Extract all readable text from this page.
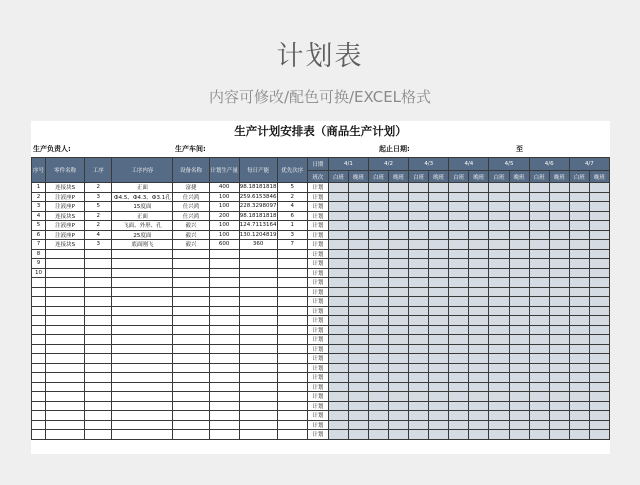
计划表
内容可修改/配色可换/EXCEL格式
生产计划安排表（商品生产计划）
生产负责人:	生产车间:	起止日期:	至
序号	零件名称	工序	工序内容	设备名称	计划生产量	每日产能	优先次序	日期	4/1		4/2		4/3		4/4		4/5		4/6		4/7	
								班次	白班	晚班	白班	晚班	白班	晚班	白班	晚班	白班	晚班	白班	晚班	白班	晚班
1	连接块S	2	正面	富捷	400	98.18181818	5	计划														
2	注液座P	3	Ф4.5、Ф4.3、Ф3.1孔	仕兴鸿	100	259.6153846	2	计划														
3	注液座P	5	15度面	仕兴鸿	100	228.3298097	4	计划														
4	连接块S	2	正面	仕兴鸿	200	98.18181818	6	计划														
5	注液座P	2	飞面、外形、孔	毅兴	100	124.7113164	1	计划														
6	注液座P	4	25度面	毅兴	100	130.1204819	3	计划														
7	连接块S	3	底面刚飞	毅兴	600	360	7	计划														
8								计划														
9								计划														
10								计划														
								计划														
								计划														
								计划														
								计划														
								计划														
								计划														
								计划														
								计划														
								计划														
								计划														
								计划														
								计划														
								计划														
								计划														
								计划														
								计划														
								计划														
